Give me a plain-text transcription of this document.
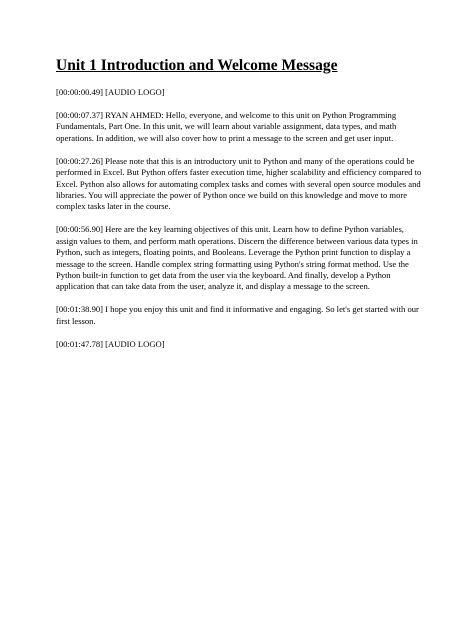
Unit 1 Introduction and Welcome Message

[00:00:00.49] [AUDIO LOGO]

[00:00:07.37] RYAN AHMED: Hello, everyone, and welcome to this unit on Python Programming Fundamentals, Part One. In this unit, we will learn about variable assignment, data types, and math operations. In addition, we will also cover how to print a message to the screen and get user input.

[00:00:27.26] Please note that this is an introductory unit to Python and many of the operations could be performed in Excel. But Python offers faster execution time, higher scalability and efficiency compared to Excel. Python also allows for automating complex tasks and comes with several open source modules and libraries. You will appreciate the power of Python once we build on this knowledge and move to more complex tasks later in the course.

[00:00:56.90] Here are the key learning objectives of this unit. Learn how to define Python variables, assign values to them, and perform math operations. Discern the difference between various data types in Python, such as integers, floating points, and Booleans. Leverage the Python print function to display a message to the screen. Handle complex string formatting using Python's string format method. Use the Python built-in function to get data from the user via the keyboard. And finally, develop a Python application that can take data from the user, analyze it, and display a message to the screen.

[00:01:38.90] I hope you enjoy this unit and find it informative and engaging. So let's get started with our first lesson.

[00:01:47.78] [AUDIO LOGO]
